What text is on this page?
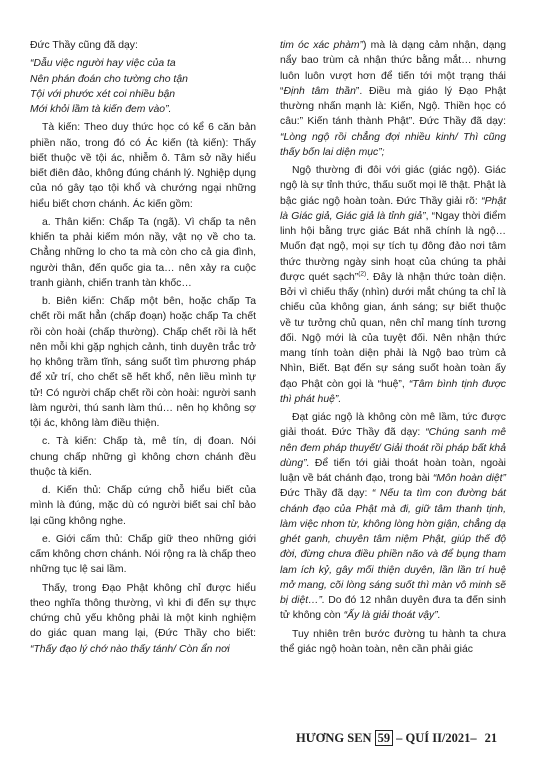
Đức Thầy cũng đã dạy:

“Dẫu việc người hay việc của ta

Nên phán đoán cho tường cho tận

Tội với phước xét coi nhiều bận

Mới khỏi lầm tà kiến đem vào”.

Tà kiến: Theo duy thức học có kể 6 căn bản phiền não, trong đó có Ác kiến (tà kiến): Thấy biết thuộc về tội ác, nhiễm ô. Tâm sở nầy hiểu biết điên đảo, không đúng chánh lý. Nghiệp dụng của nó gây tạo tội khổ và chướng ngại những hiểu biết chơn chánh. Ác kiến gồm:

a. Thân kiến: Chấp Ta (ngã). Vì chấp ta nên khiến ta phải kiếm món nầy, vật nọ về cho ta. Chẳng những lo cho ta mà còn cho cả gia đình, người thân, đến quốc gia ta… nên xảy ra cuộc tranh giành, chiến tranh tàn khốc…

b. Biên kiến: Chấp một bên, hoặc chấp Ta chết rồi mất hẳn (chấp đoạn) hoặc chấp Ta chết rồi còn hoài (chấp thường). Chấp chết rồi là hết nên mỗi khi gặp nghịch cảnh, tinh duyên trắc trở họ không trầm tĩnh, sáng suốt tìm phương pháp để xử trí, cho chết sẽ hết khổ, nên liều mình tự tử! Có người chấp chết rồi còn hoài: người sanh làm người, thú sanh làm thú… nên họ không sợ tội ác, không làm điều thiện.

c. Tà kiến: Chấp tà, mê tín, dị đoan. Nói chung chấp những gì không chơn chánh đều thuộc tà kiến.

d. Kiến thủ: Chấp cứng chỗ hiểu biết của mình là đúng, mặc dù có người biết sai chỉ bảo lại cũng không nghe.

e. Giới cấm thủ: Chấp giữ theo những giới cấm không chơn chánh. Nói rộng ra là chấp theo những tục lệ sai lầm.

Thấy, trong Đạo Phật không chỉ được hiểu theo nghĩa thông thường, vì khi đi đến sự thực chứng chủ yếu không phải là một kinh nghiệm do giác quan mang lại, (Đức Thầy cho biết: “Thấy đạo lý chớ nào thấy tánh/ Còn ẩn nơi

tim óc xác phàm”) mà là dạng cảm nhận, dạng nẩy bao trùm cả nhận thức bằng mắt… nhưng luôn luôn vượt hơn để tiến tới một trạng thái “Định tâm thần”. Điều mà giáo lý Đạo Phật thường nhấn mạnh là: Kiến, Ngộ. Thiền học có câu:” Kiến tánh thành Phật”. Đức Thầy đã dạy: “Lòng ngộ rồi chẳng đợi nhiều kinh/ Thì cũng thấy bốn lai diện mục”;

Ngộ thường đi đôi với giác (giác ngộ). Giác ngộ là sự tỉnh thức, thấu suốt mọi lẽ thật. Phật là bậc giác ngộ hoàn toàn. Đức Thầy giải rõ: “Phật là Giác giả, Giác giả là tỉnh giả”, “Ngay thời điểm linh hội bằng trực giác Bát nhã chính là ngộ… Muốn đạt ngộ, mọi sự tích tụ đông đảo nơi tâm thức thường ngày sinh hoạt của chúng ta phải được quét sạch”$^{(2)}$. Đây là nhận thức toàn diện. Bởi vì chiếu thấy (nhìn) dưới mắt chúng ta chỉ là chiếu của không gian, ánh sáng; sự biết thuộc về tư tưởng chủ quan, nên chỉ mang tính tương đối. Ngộ mới là của tuyệt đối. Nên nhận thức mang tính toàn diện phải là Ngộ bao trùm cả Nhìn, Biết. Bạt đến sự sáng suốt hoàn toàn ấy đạo Phật còn gọi là “huệ”, “Tâm bình tịnh được thì phát huệ”.

Đạt giác ngộ là không còn mê lầm, tức được giải thoát. Đức Thầy đã dạy: “Chúng sanh mê nên đem pháp thuyết/ Giải thoát rồi pháp bất khả dùng”. Để tiến tới giải thoát hoàn toàn, ngoài luận về bát chánh đạo, trong bài “Môn hoàn diệt” Đức Thầy đã dạy: “ Nếu ta tìm con đường bát chánh đạo của Phật mà đi, giữ tâm thanh tịnh, làm việc nhơn từ, không lòng hờn giận, chẳng dạ ghét ganh, chuyên tâm niệm Phật, giúp thế độ đời, đừng chưa điều phiền não và để bụng tham lam ích kỷ, gây mối thiện duyên, lần lần trí huệ mở mang, cõi lòng sáng suốt thì màn vô minh sẽ bị diệt…”. Do đó 12 nhân duyên đưa ta đến sinh tử không còn “Ấy là giải thoát vậy”.

Tuy nhiên trên bước đường tu hành ta chưa thể giác ngộ hoàn toàn, nên cần phải giác

HƯƠNG SEN 59 – QUÍ II/2021– 21
